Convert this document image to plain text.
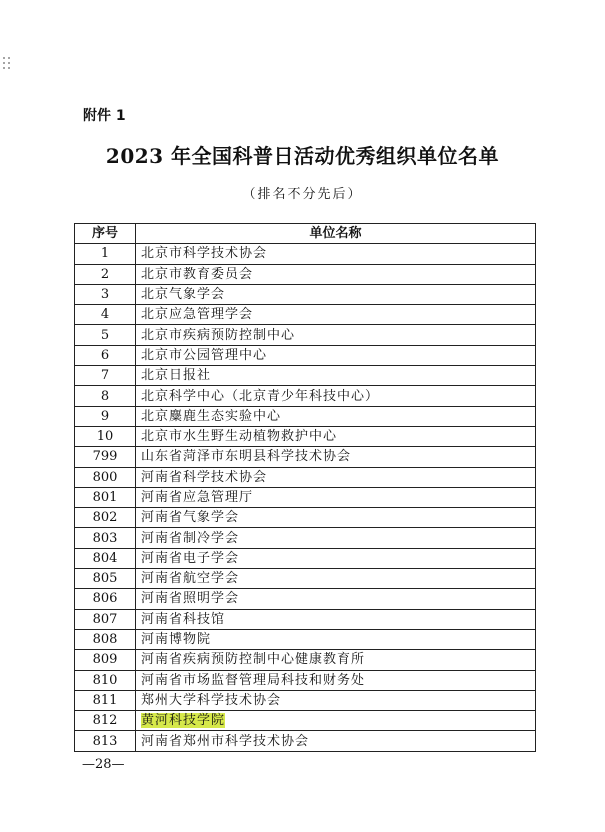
附件 1
2023 年全国科普日活动优秀组织单位名单
（排名不分先后）
序号	单位名称
1	北京市科学技术协会
2	北京市教育委员会
3	北京气象学会
4	北京应急管理学会
5	北京市疾病预防控制中心
6	北京市公园管理中心
7	北京日报社
8	北京科学中心（北京青少年科技中心）
9	北京麋鹿生态实验中心
10	北京市水生野生动植物救护中心
799	山东省菏泽市东明县科学技术协会
800	河南省科学技术协会
801	河南省应急管理厅
802	河南省气象学会
803	河南省制冷学会
804	河南省电子学会
805	河南省航空学会
806	河南省照明学会
807	河南省科技馆
808	河南博物院
809	河南省疾病预防控制中心健康教育所
810	河南省市场监督管理局科技和财务处
811	郑州大学科学技术协会
812	黄河科技学院
813	河南省郑州市科学技术协会
—28—
